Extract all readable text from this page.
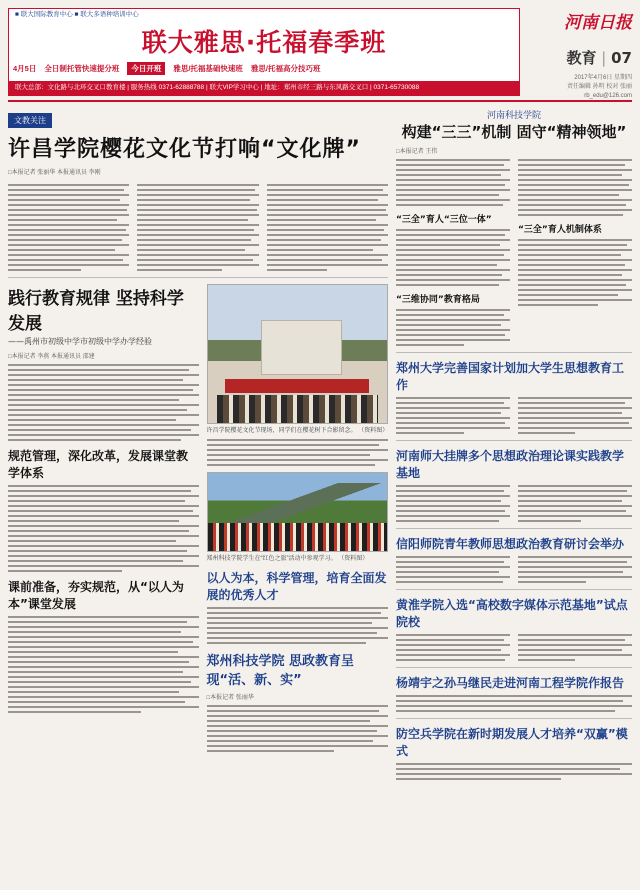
■ 联大国际教育中心 ■ 联大多语种培训中心
联大雅思·托福春季班
4月5日 全日制托管快速提分班	今日开班	雅思/托福基础快速班 雅思/托福高分技巧班
联大总部：文化路与北环交叉口教育楼 | 服务热线 0371-62888788 | 联大VIP学习中心 | 地址：郑州市经三路与东风路交叉口 | 0371-65730088
河南日报
教育 | 07
2017年4月6日 星期四
责任编辑 孙明 校对 张丽
rb_edu@126.com
文教关注
许昌学院樱花文化节打响“文化牌”
□本报记者 张丽华 本报通讯员 李刚
践行教育规律 坚持科学发展
——禹州市初级中学市初级中学办学经验
□本报记者 李燕 本报通讯员 邵建
规范管理，深化改革，发展课堂教学体系
课前准备，夯实规范，从“以人为本”课堂发展
许昌学院樱花文化节现场，同学们在樱花树下合影留念。 （资料图）
郑州科技学院学生在“红色之旅”活动中参观学习。 （资料图）
以人为本，科学管理，培育全面发展的优秀人才
郑州科技学院 思政教育呈现“活、新、实”
□本报记者 张丽华
河南科技学院
构建“三三”机制 固守“精神领地”
□本报记者 王伟
“三全”育人“三位一体”
“三维协同”教育格局
“三全”育人机制体系
郑州大学完善国家计划加大学生思想教育工作
河南师大挂牌多个思想政治理论课实践教学基地
信阳师院青年教师思想政治教育研讨会举办
黄淮学院入选“高校数字媒体示范基地”试点院校
杨靖宇之孙马继民走进河南工程学院作报告
防空兵学院在新时期发展人才培养“双赢”模式
